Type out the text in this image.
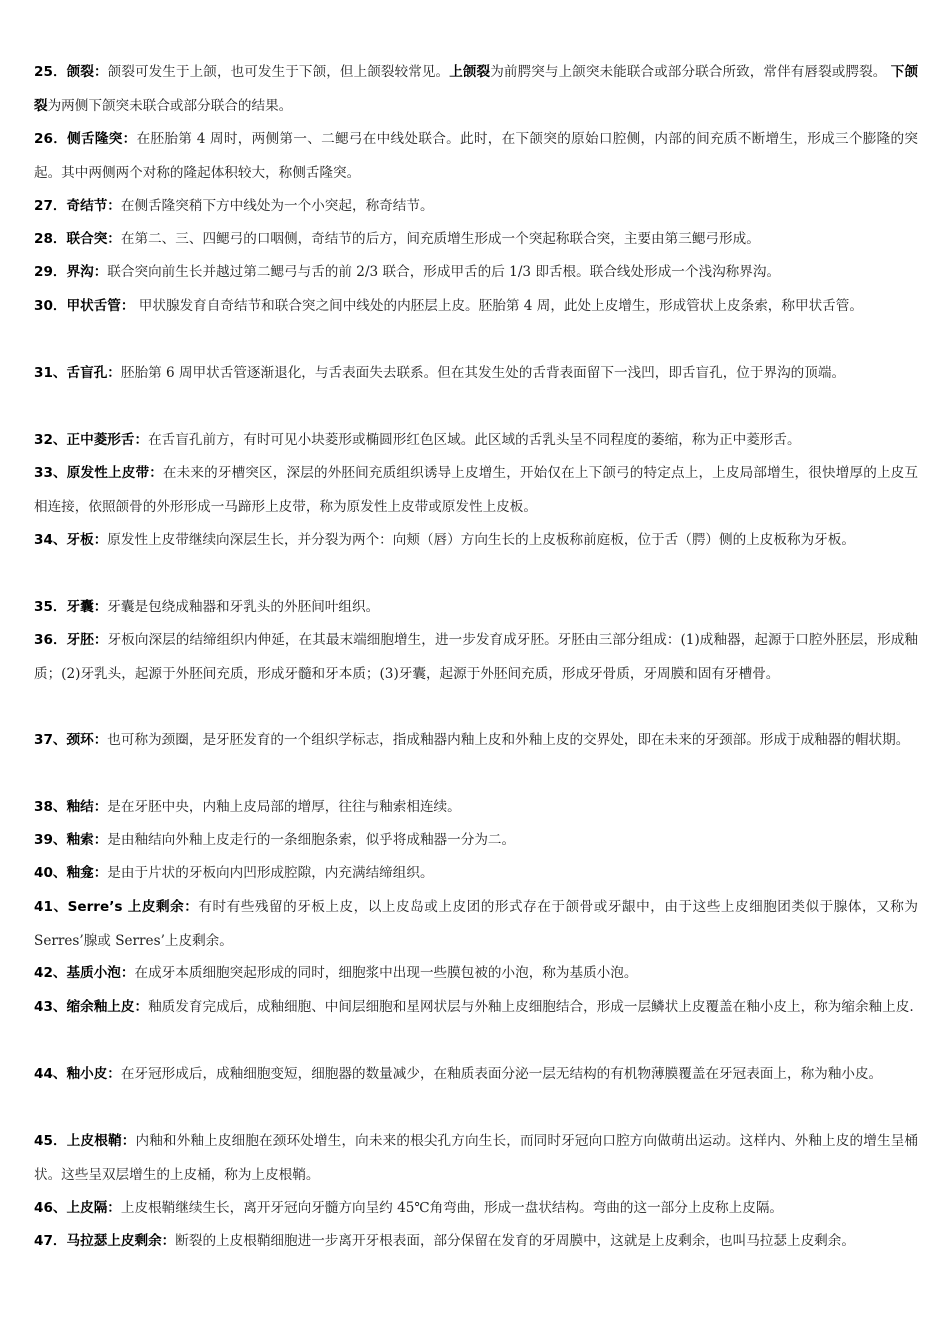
25．颌裂：颌裂可发生于上颌，也可发生于下颌，但上颌裂较常见。上颌裂为前腭突与上颌突未能联合或部分联合所致，常伴有唇裂或腭裂。 下颌裂为两侧下颌突未联合或部分联合的结果。

26．侧舌隆突：在胚胎第 4 周时，两侧第一、二鳃弓在中线处联合。此时，在下颌突的原始口腔侧，内部的间充质不断增生，形成三个膨隆的突起。其中两侧两个对称的隆起体积较大，称侧舌隆突。

27．奇结节：在侧舌隆突稍下方中线处为一个小突起，称奇结节。

28．联合突：在第二、三、四鳃弓的口咽侧，奇结节的后方，间充质增生形成一个突起称联合突，主要由第三鳃弓形成。

29．界沟：联合突向前生长并越过第二鳃弓与舌的前 2/3 联合，形成甲舌的后 1/3 即舌根。联合线处形成一个浅沟称界沟。

30．甲状舌管： 甲状腺发育自奇结节和联合突之间中线处的内胚层上皮。胚胎第 4 周，此处上皮增生，形成管状上皮条索，称甲状舌管。

31、舌盲孔：胚胎第 6 周甲状舌管逐渐退化，与舌表面失去联系。但在其发生处的舌背表面留下一浅凹，即舌盲孔，位于界沟的顶端。

32、正中菱形舌：在舌盲孔前方，有时可见小块菱形或椭圆形红色区域。此区域的舌乳头呈不同程度的萎缩，称为正中菱形舌。

33、原发性上皮带：在未来的牙槽突区，深层的外胚间充质组织诱导上皮增生，开始仅在上下颌弓的特定点上，上皮局部增生，很快增厚的上皮互相连接，依照颌骨的外形形成一马蹄形上皮带，称为原发性上皮带或原发性上皮板。

34、牙板：原发性上皮带继续向深层生长，并分裂为两个：向颊（唇）方向生长的上皮板称前庭板，位于舌（腭）侧的上皮板称为牙板。

35．牙囊：牙囊是包绕成釉器和牙乳头的外胚间叶组织。

36．牙胚：牙板向深层的结缔组织内伸延，在其最末端细胞增生，进一步发育成牙胚。牙胚由三部分组成：(1)成釉器，起源于口腔外胚层，形成釉质；(2)牙乳头，起源于外胚间充质，形成牙髓和牙本质；(3)牙囊，起源于外胚间充质，形成牙骨质，牙周膜和固有牙槽骨。

37、颈环：也可称为颈圈，是牙胚发育的一个组织学标志，指成釉器内釉上皮和外釉上皮的交界处，即在未来的牙颈部。形成于成釉器的帽状期。

38、釉结：是在牙胚中央，内釉上皮局部的增厚，往往与釉索相连续。

39、釉索：是由釉结向外釉上皮走行的一条细胞条索，似乎将成釉器一分为二。

40、釉龛：是由于片状的牙板向内凹形成腔隙，内充满结缔组织。

41、Serre’s 上皮剩余：有时有些残留的牙板上皮，以上皮岛或上皮团的形式存在于颌骨或牙龈中，由于这些上皮细胞团类似于腺体，又称为 Serres’腺或 Serres’上皮剩余。

42、基质小泡：在成牙本质细胞突起形成的同时，细胞浆中出现一些膜包被的小泡，称为基质小泡。

43、缩余釉上皮：釉质发育完成后，成釉细胞、中间层细胞和星网状层与外釉上皮细胞结合，形成一层鳞状上皮覆盖在釉小皮上，称为缩余釉上皮.

44、釉小皮：在牙冠形成后，成釉细胞变短，细胞器的数量减少，在釉质表面分泌一层无结构的有机物薄膜覆盖在牙冠表面上，称为釉小皮。

45．上皮根鞘：内釉和外釉上皮细胞在颈环处增生，向未来的根尖孔方向生长，而同时牙冠向口腔方向做萌出运动。这样内、外釉上皮的增生呈桶状。这些呈双层增生的上皮桶，称为上皮根鞘。

46、上皮隔：上皮根鞘继续生长，离开牙冠向牙髓方向呈约 45℃角弯曲，形成一盘状结构。弯曲的这一部分上皮称上皮隔。

47．马拉瑟上皮剩余：断裂的上皮根鞘细胞进一步离开牙根表面，部分保留在发育的牙周膜中，这就是上皮剩余，也叫马拉瑟上皮剩余。
